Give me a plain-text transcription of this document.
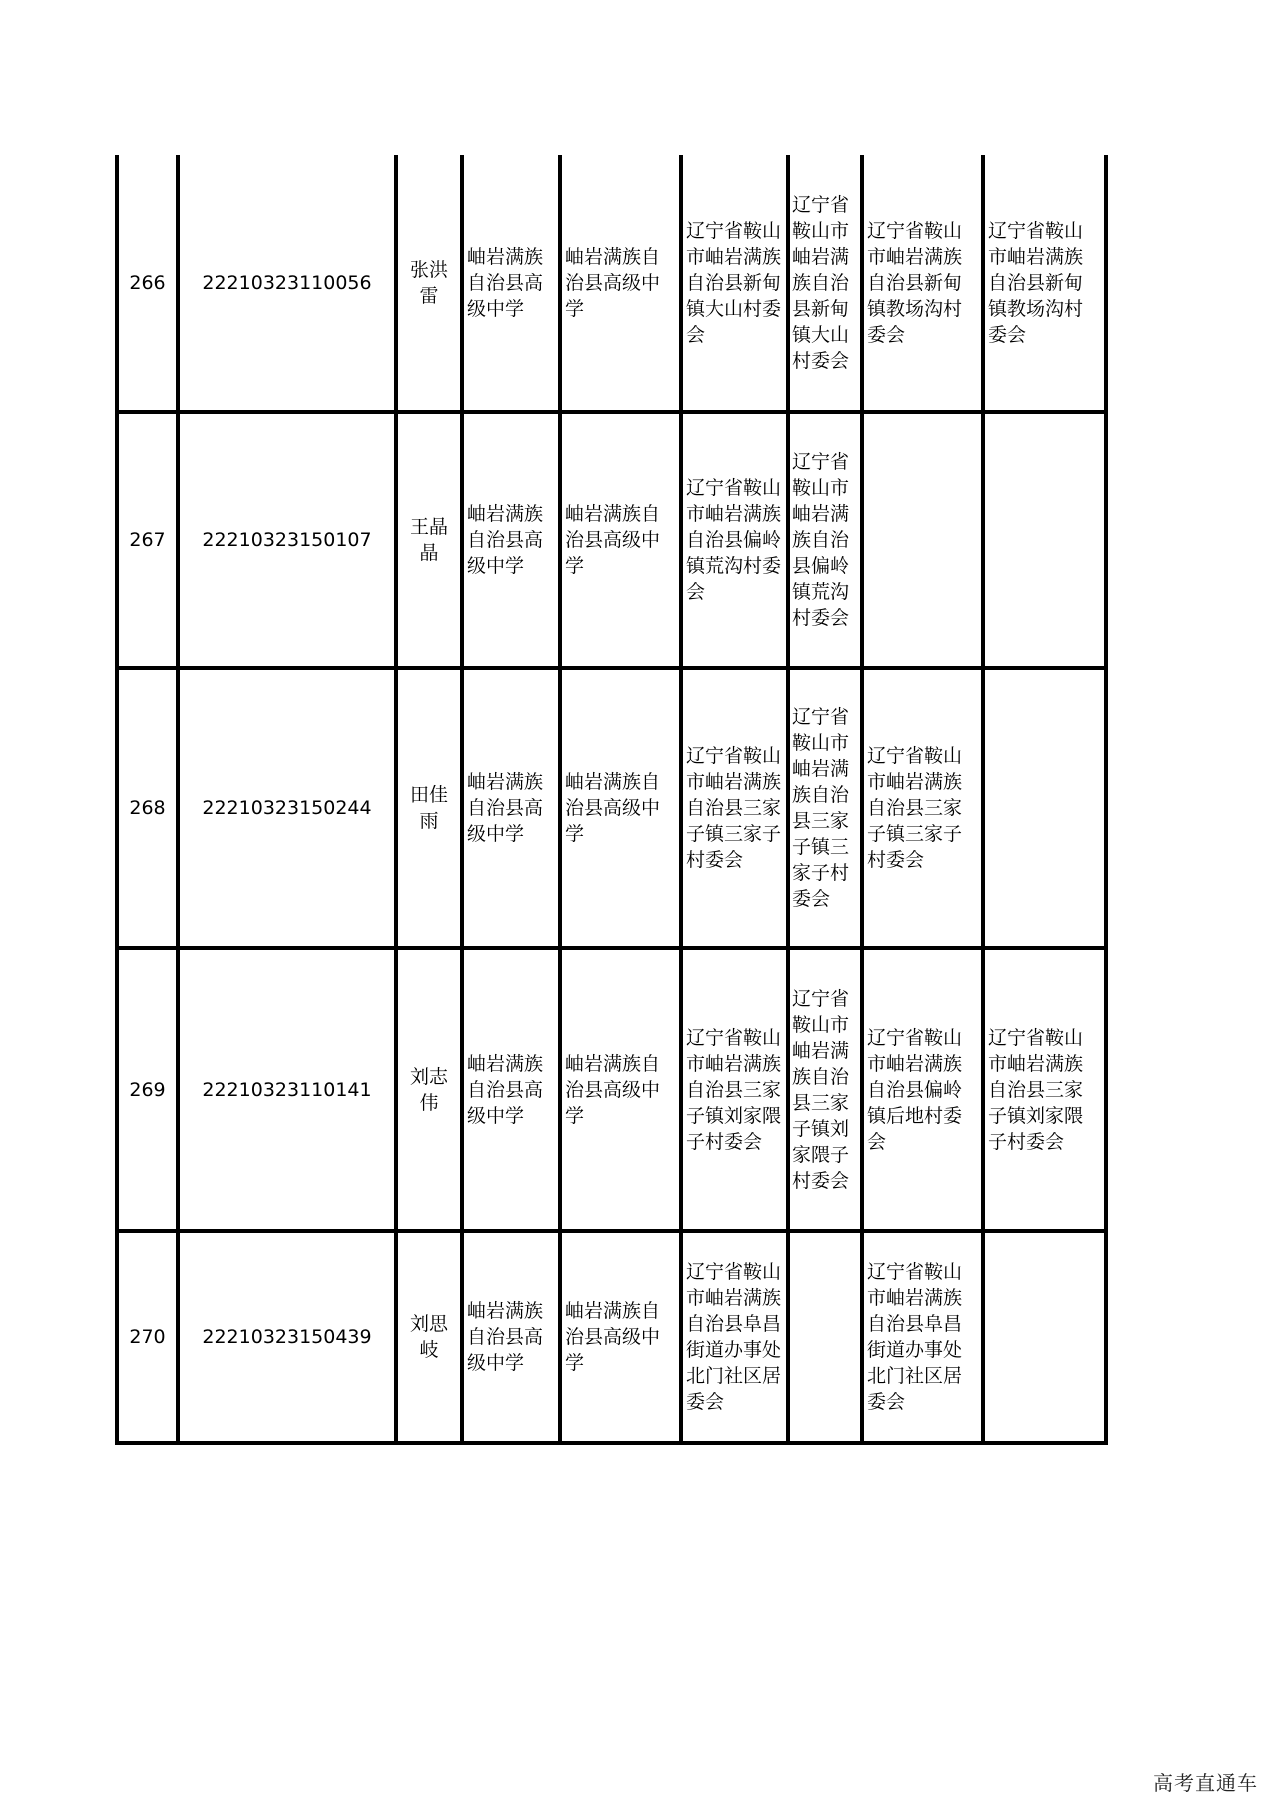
266	22210323110056	张洪雷	岫岩满族自治县高级中学	岫岩满族自治县高级中学	辽宁省鞍山市岫岩满族自治县新甸镇大山村委会	辽宁省鞍山市岫岩满族自治县新甸镇大山村委会	辽宁省鞍山市岫岩满族自治县新甸镇教场沟村委会	辽宁省鞍山市岫岩满族自治县新甸镇教场沟村委会
267	22210323150107	王晶晶	岫岩满族自治县高级中学	岫岩满族自治县高级中学	辽宁省鞍山市岫岩满族自治县偏岭镇荒沟村委会	辽宁省鞍山市岫岩满族自治县偏岭镇荒沟村委会		
268	22210323150244	田佳雨	岫岩满族自治县高级中学	岫岩满族自治县高级中学	辽宁省鞍山市岫岩满族自治县三家子镇三家子村委会	辽宁省鞍山市岫岩满族自治县三家子镇三家子村委会	辽宁省鞍山市岫岩满族自治县三家子镇三家子村委会	
269	22210323110141	刘志伟	岫岩满族自治县高级中学	岫岩满族自治县高级中学	辽宁省鞍山市岫岩满族自治县三家子镇刘家隈子村委会	辽宁省鞍山市岫岩满族自治县三家子镇刘家隈子村委会	辽宁省鞍山市岫岩满族自治县偏岭镇后地村委会	辽宁省鞍山市岫岩满族自治县三家子镇刘家隈子村委会
270	22210323150439	刘思岐	岫岩满族自治县高级中学	岫岩满族自治县高级中学	辽宁省鞍山市岫岩满族自治县阜昌街道办事处北门社区居委会		辽宁省鞍山市岫岩满族自治县阜昌街道办事处北门社区居委会	
高考直通车
